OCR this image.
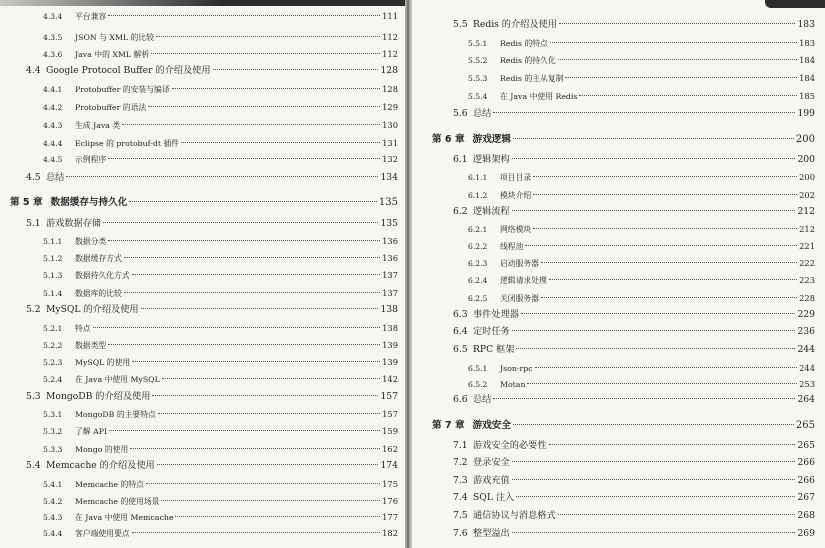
4.3.4	平台兼容	111
4.3.5	JSON 与 XML 的比较	112
4.3.6	Java 中的 XML 解析	112
4.4 Google Protocol Buffer 的介绍及使用	128
4.4.1	Protobuffer 的安装与编译	128
4.4.2	Protobuffer 的语法	129
4.4.3	生成 Java 类	130
4.4.4	Eclipse 的 protobuf-dt 插件	131
4.4.5	示例程序	132
4.5 总结	134
第 5 章 数据缓存与持久化	135
5.1 游戏数据存储	135
5.1.1	数据分类	136
5.1.2	数据缓存方式	136
5.1.3	数据持久化方式	137
5.1.4	数据库的比较	137
5.2 MySQL 的介绍及使用	138
5.2.1	特点	138
5.2.2	数据类型	139
5.2.3	MySQL 的使用	139
5.2.4	在 Java 中使用 MySQL	142
5.3 MongoDB 的介绍及使用	157
5.3.1	MongoDB 的主要特点	157
5.3.2	了解 API	159
5.3.3	Mongo 的使用	162
5.4 Memcache 的介绍及使用	174
5.4.1	Memcache 的特点	175
5.4.2	Memcache 的使用场景	176
5.4.3	在 Java 中使用 Memcache	177
5.4.4	客户端使用要点	182
5.5 Redis 的介绍及使用	183
5.5.1	Redis 的特点	183
5.5.2	Redis 的持久化	184
5.5.3	Redis 的主从复制	184
5.5.4	在 Java 中使用 Redis	185
5.6 总结	199
第 6 章 游戏逻辑	200
6.1 逻辑架构	200
6.1.1	项目目录	200
6.1.2	模块介绍	202
6.2 逻辑流程	212
6.2.1	网络模块	212
6.2.2	线程池	221
6.2.3	启动服务器	222
6.2.4	逻辑请求处理	223
6.2.5	关闭服务器	228
6.3 事件处理器	229
6.4 定时任务	236
6.5 RPC 框架	244
6.5.1	Json-rpc	244
6.5.2	Motan	253
6.6 总结	264
第 7 章 游戏安全	265
7.1 游戏安全的必要性	265
7.2 登录安全	266
7.3 游戏充值	266
7.4 SQL 注入	267
7.5 通信协议与消息格式	268
7.6 整型溢出	269
